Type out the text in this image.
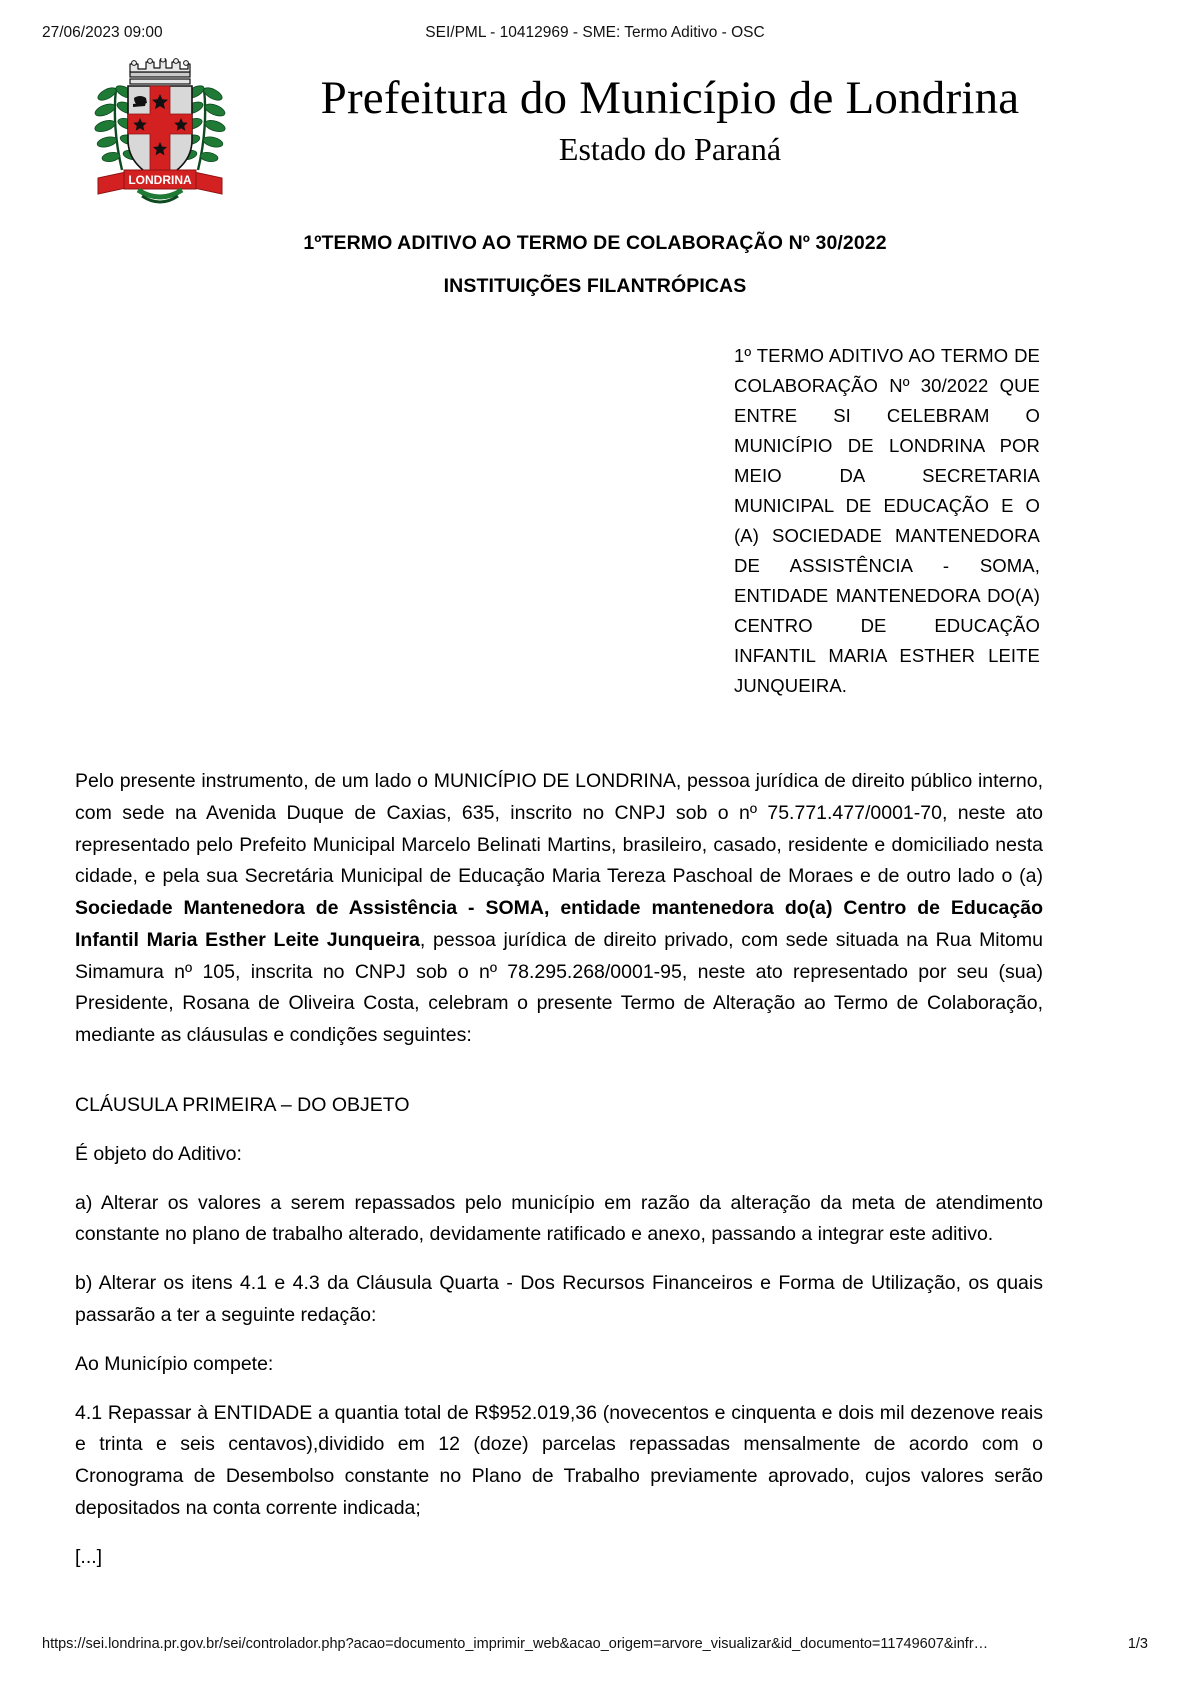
27/06/2023 09:00	SEI/PML - 10412969 - SME: Termo Aditivo - OSC
LONDRINA
Prefeitura do Município de Londrina
Estado do Paraná
1ºTERMO ADITIVO AO TERMO DE COLABORAÇÃO Nº 30/2022
INSTITUIÇÕES FILANTRÓPICAS
1º TERMO ADITIVO AO TERMO DE COLABORAÇÃO Nº 30/2022 QUE ENTRE SI CELEBRAM O MUNICÍPIO DE LONDRINA POR MEIO DA SECRETARIA MUNICIPAL DE EDUCAÇÃO E O (A) SOCIEDADE MANTENEDORA DE ASSISTÊNCIA - SOMA, ENTIDADE MANTENEDORA DO(A) CENTRO DE EDUCAÇÃO INFANTIL MARIA ESTHER LEITE JUNQUEIRA.

Pelo presente instrumento, de um lado o MUNICÍPIO DE LONDRINA, pessoa jurídica de direito público interno, com sede na Avenida Duque de Caxias, 635, inscrito no CNPJ sob o nº 75.771.477/0001-70, neste ato representado pelo Prefeito Municipal Marcelo Belinati Martins, brasileiro, casado, residente e domiciliado nesta cidade, e pela sua Secretária Municipal de Educação Maria Tereza Paschoal de Moraes e de outro lado o (a) Sociedade Mantenedora de Assistência - SOMA, entidade mantenedora do(a) Centro de Educação Infantil Maria Esther Leite Junqueira, pessoa jurídica de direito privado, com sede situada na Rua Mitomu Simamura nº 105, inscrita no CNPJ sob o nº 78.295.268/0001-95, neste ato representado por seu (sua) Presidente, Rosana de Oliveira Costa, celebram o presente Termo de Alteração ao Termo de Colaboração, mediante as cláusulas e condições seguintes:

CLÁUSULA PRIMEIRA – DO OBJETO

É objeto do Aditivo:

a) Alterar os valores a serem repassados pelo município em razão da alteração da meta de atendimento constante no plano de trabalho alterado, devidamente ratificado e anexo, passando a integrar este aditivo.

b) Alterar os itens 4.1 e 4.3 da Cláusula Quarta - Dos Recursos Financeiros e Forma de Utilização, os quais passarão a ter a seguinte redação:

Ao Município compete:

4.1 Repassar à ENTIDADE a quantia total de R$952.019,36 (novecentos e cinquenta e dois mil dezenove reais e trinta e seis centavos),dividido em 12 (doze) parcelas repassadas mensalmente de acordo com o Cronograma de Desembolso constante no Plano de Trabalho previamente aprovado, cujos valores serão depositados na conta corrente indicada;

[...]

https://sei.londrina.pr.gov.br/sei/controlador.php?acao=documento_imprimir_web&acao_origem=arvore_visualizar&id_documento=11749607&infr…	1/3
